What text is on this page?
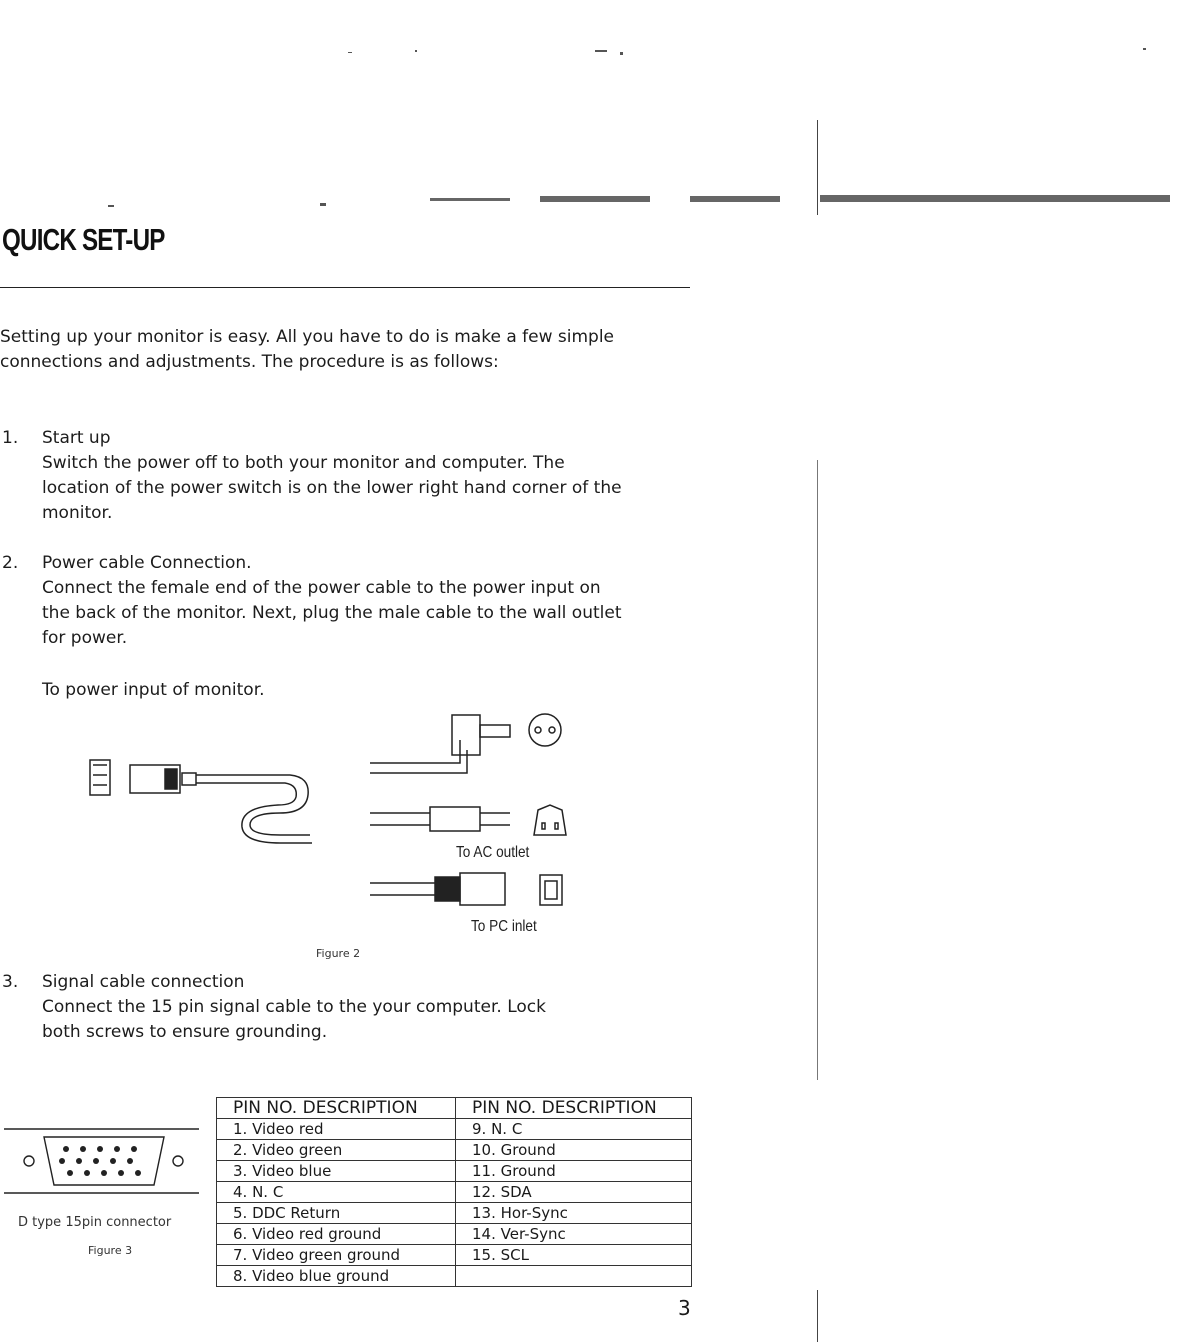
QUICK SET-UP
Setting up your monitor is easy. All you have to do is make a few simple connections and adjustments. The procedure is as follows:
1.	Start up
Switch the power off to both your monitor and computer. The location of the power switch is on the lower right hand corner of the monitor.
2.	Power cable Connection.
Connect the female end of the power cable to the power input on the back of the monitor. Next, plug the male cable to the wall outlet for power.
To power input of monitor.
To AC outlet
To PC inlet
Figure 2
3.	Signal cable connection
Connect the 15 pin signal cable to the your computer. Lock both screws to ensure grounding.
D type 15pin connector
Figure 3
PIN NO. DESCRIPTION	PIN NO. DESCRIPTION
1. Video red	9. N. C
2. Video green	10. Ground
3. Video blue	11. Ground
4. N. C	12. SDA
5. DDC Return	13. Hor-Sync
6. Video red ground	14. Ver-Sync
7. Video green ground	15. SCL
8. Video blue ground	
3
